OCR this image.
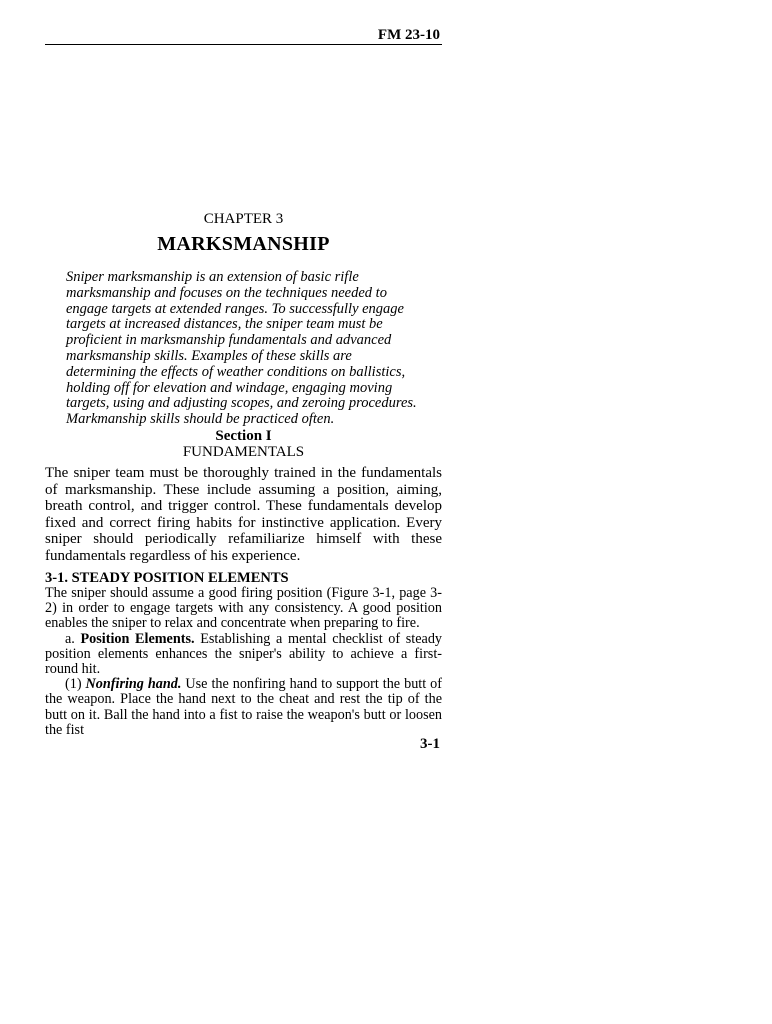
FM 23-10
CHAPTER 3
MARKSMANSHIP

Sniper marksmanship is an extension of basic rifle marksmanship and focuses on the techniques needed to engage targets at extended ranges. To successfully engage targets at increased distances, the sniper team must be proficient in marksmanship fundamentals and advanced marksmanship skills. Examples of these skills are determining the effects of weather conditions on ballistics, holding off for elevation and windage, engaging moving targets, using and adjusting scopes, and zeroing procedures. Markmanship skills should be practiced often.

Section I
FUNDAMENTALS

The sniper team must be thoroughly trained in the fundamentals of marksmanship. These include assuming a position, aiming, breath control, and trigger control. These fundamentals develop fixed and correct firing habits for instinctive application. Every sniper should periodically refamiliarize himself with these fundamentals regardless of his experience.

3-1. STEADY POSITION ELEMENTS

The sniper should assume a good firing position (Figure 3-1, page 3-2) in order to engage targets with any consistency. A good position enables the sniper to relax and concentrate when preparing to fire.

a. Position Elements. Establishing a mental checklist of steady position elements enhances the sniper's ability to achieve a first-round hit.

(1) Nonfiring hand. Use the nonfiring hand to support the butt of the weapon. Place the hand next to the cheat and rest the tip of the butt on it. Ball the hand into a fist to raise the weapon's butt or loosen the fist

3-1
